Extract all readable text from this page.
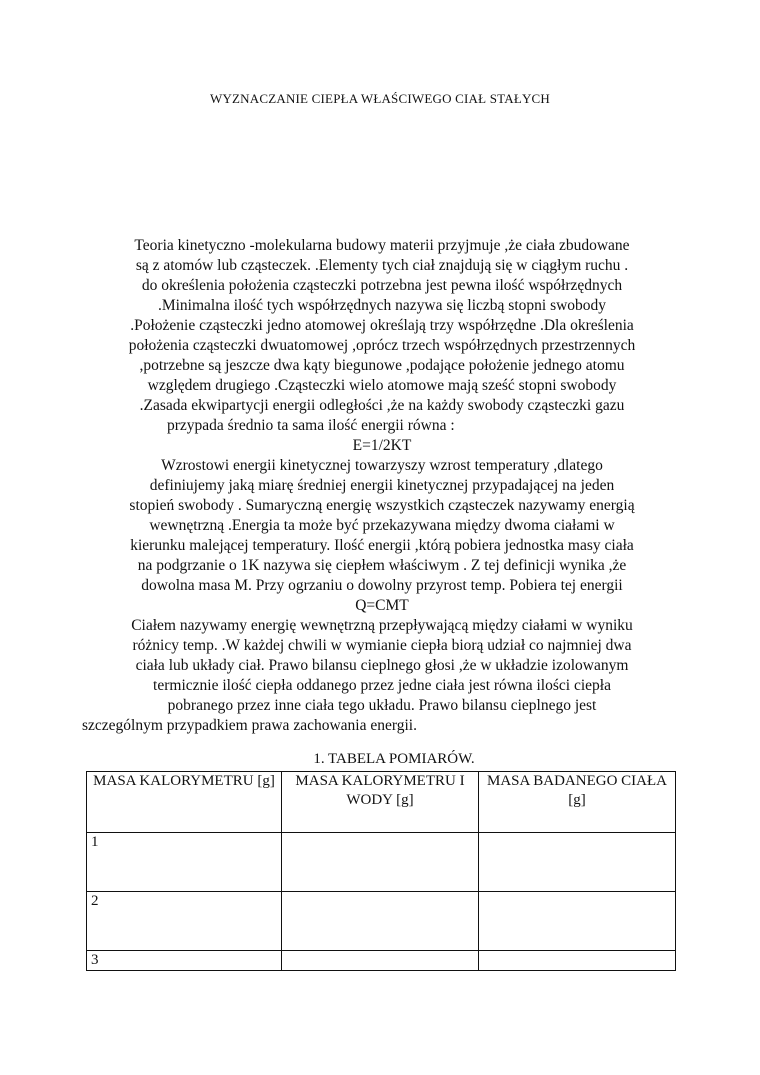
WYZNACZANIE CIEPŁA WŁAŚCIWEGO CIAŁ STAŁYCH
Teoria kinetyczno -molekularna budowy materii przyjmuje ,że ciała zbudowane
są z atomów lub cząsteczek. .Elementy tych ciał znajdują się w ciągłym ruchu .
do określenia położenia cząsteczki potrzebna jest pewna ilość współrzędnych
.Minimalna ilość tych współrzędnych nazywa się liczbą stopni swobody
.Położenie cząsteczki jedno atomowej określają trzy współrzędne .Dla określenia
położenia cząsteczki dwuatomowej ,oprócz trzech współrzędnych przestrzennych
,potrzebne są jeszcze dwa kąty biegunowe ,podające położenie jednego atomu
względem drugiego .Cząsteczki wielo atomowe mają sześć stopni swobody
.Zasada ekwipartycji energii odległości ,że na każdy swobody cząsteczki gazu
przypada średnio ta sama ilość energii równa :
E=1/2KT
Wzrostowi energii kinetycznej towarzyszy wzrost temperatury ,dlatego
definiujemy jaką miarę średniej energii kinetycznej przypadającej na jeden
stopień swobody . Sumaryczną energię wszystkich cząsteczek nazywamy energią
wewnętrzną .Energia ta może być przekazywana między dwoma ciałami w
kierunku malejącej temperatury. Ilość energii ,którą pobiera jednostka masy ciała
na podgrzanie o 1K nazywa się ciepłem właściwym . Z tej definicji wynika ,że
dowolna masa M. Przy ogrzaniu o dowolny przyrost temp. Pobiera tej energii
Q=CMT
Ciałem nazywamy energię wewnętrzną przepływającą między ciałami w wyniku
różnicy temp. .W każdej chwili w wymianie ciepła biorą udział co najmniej dwa
ciała lub układy ciał. Prawo bilansu cieplnego głosi ,że w układzie izolowanym
termicznie ilość ciepła oddanego przez jedne ciała jest równa ilości ciepła
pobranego przez inne ciała tego układu. Prawo bilansu cieplnego jest
szczególnym przypadkiem prawa zachowania energii.
1. TABELA POMIARÓW.
MASA KALORYMETRU [g]	MASA KALORYMETRU I WODY [g]	MASA BADANEGO CIAŁA [g]
1		
2		
3		
